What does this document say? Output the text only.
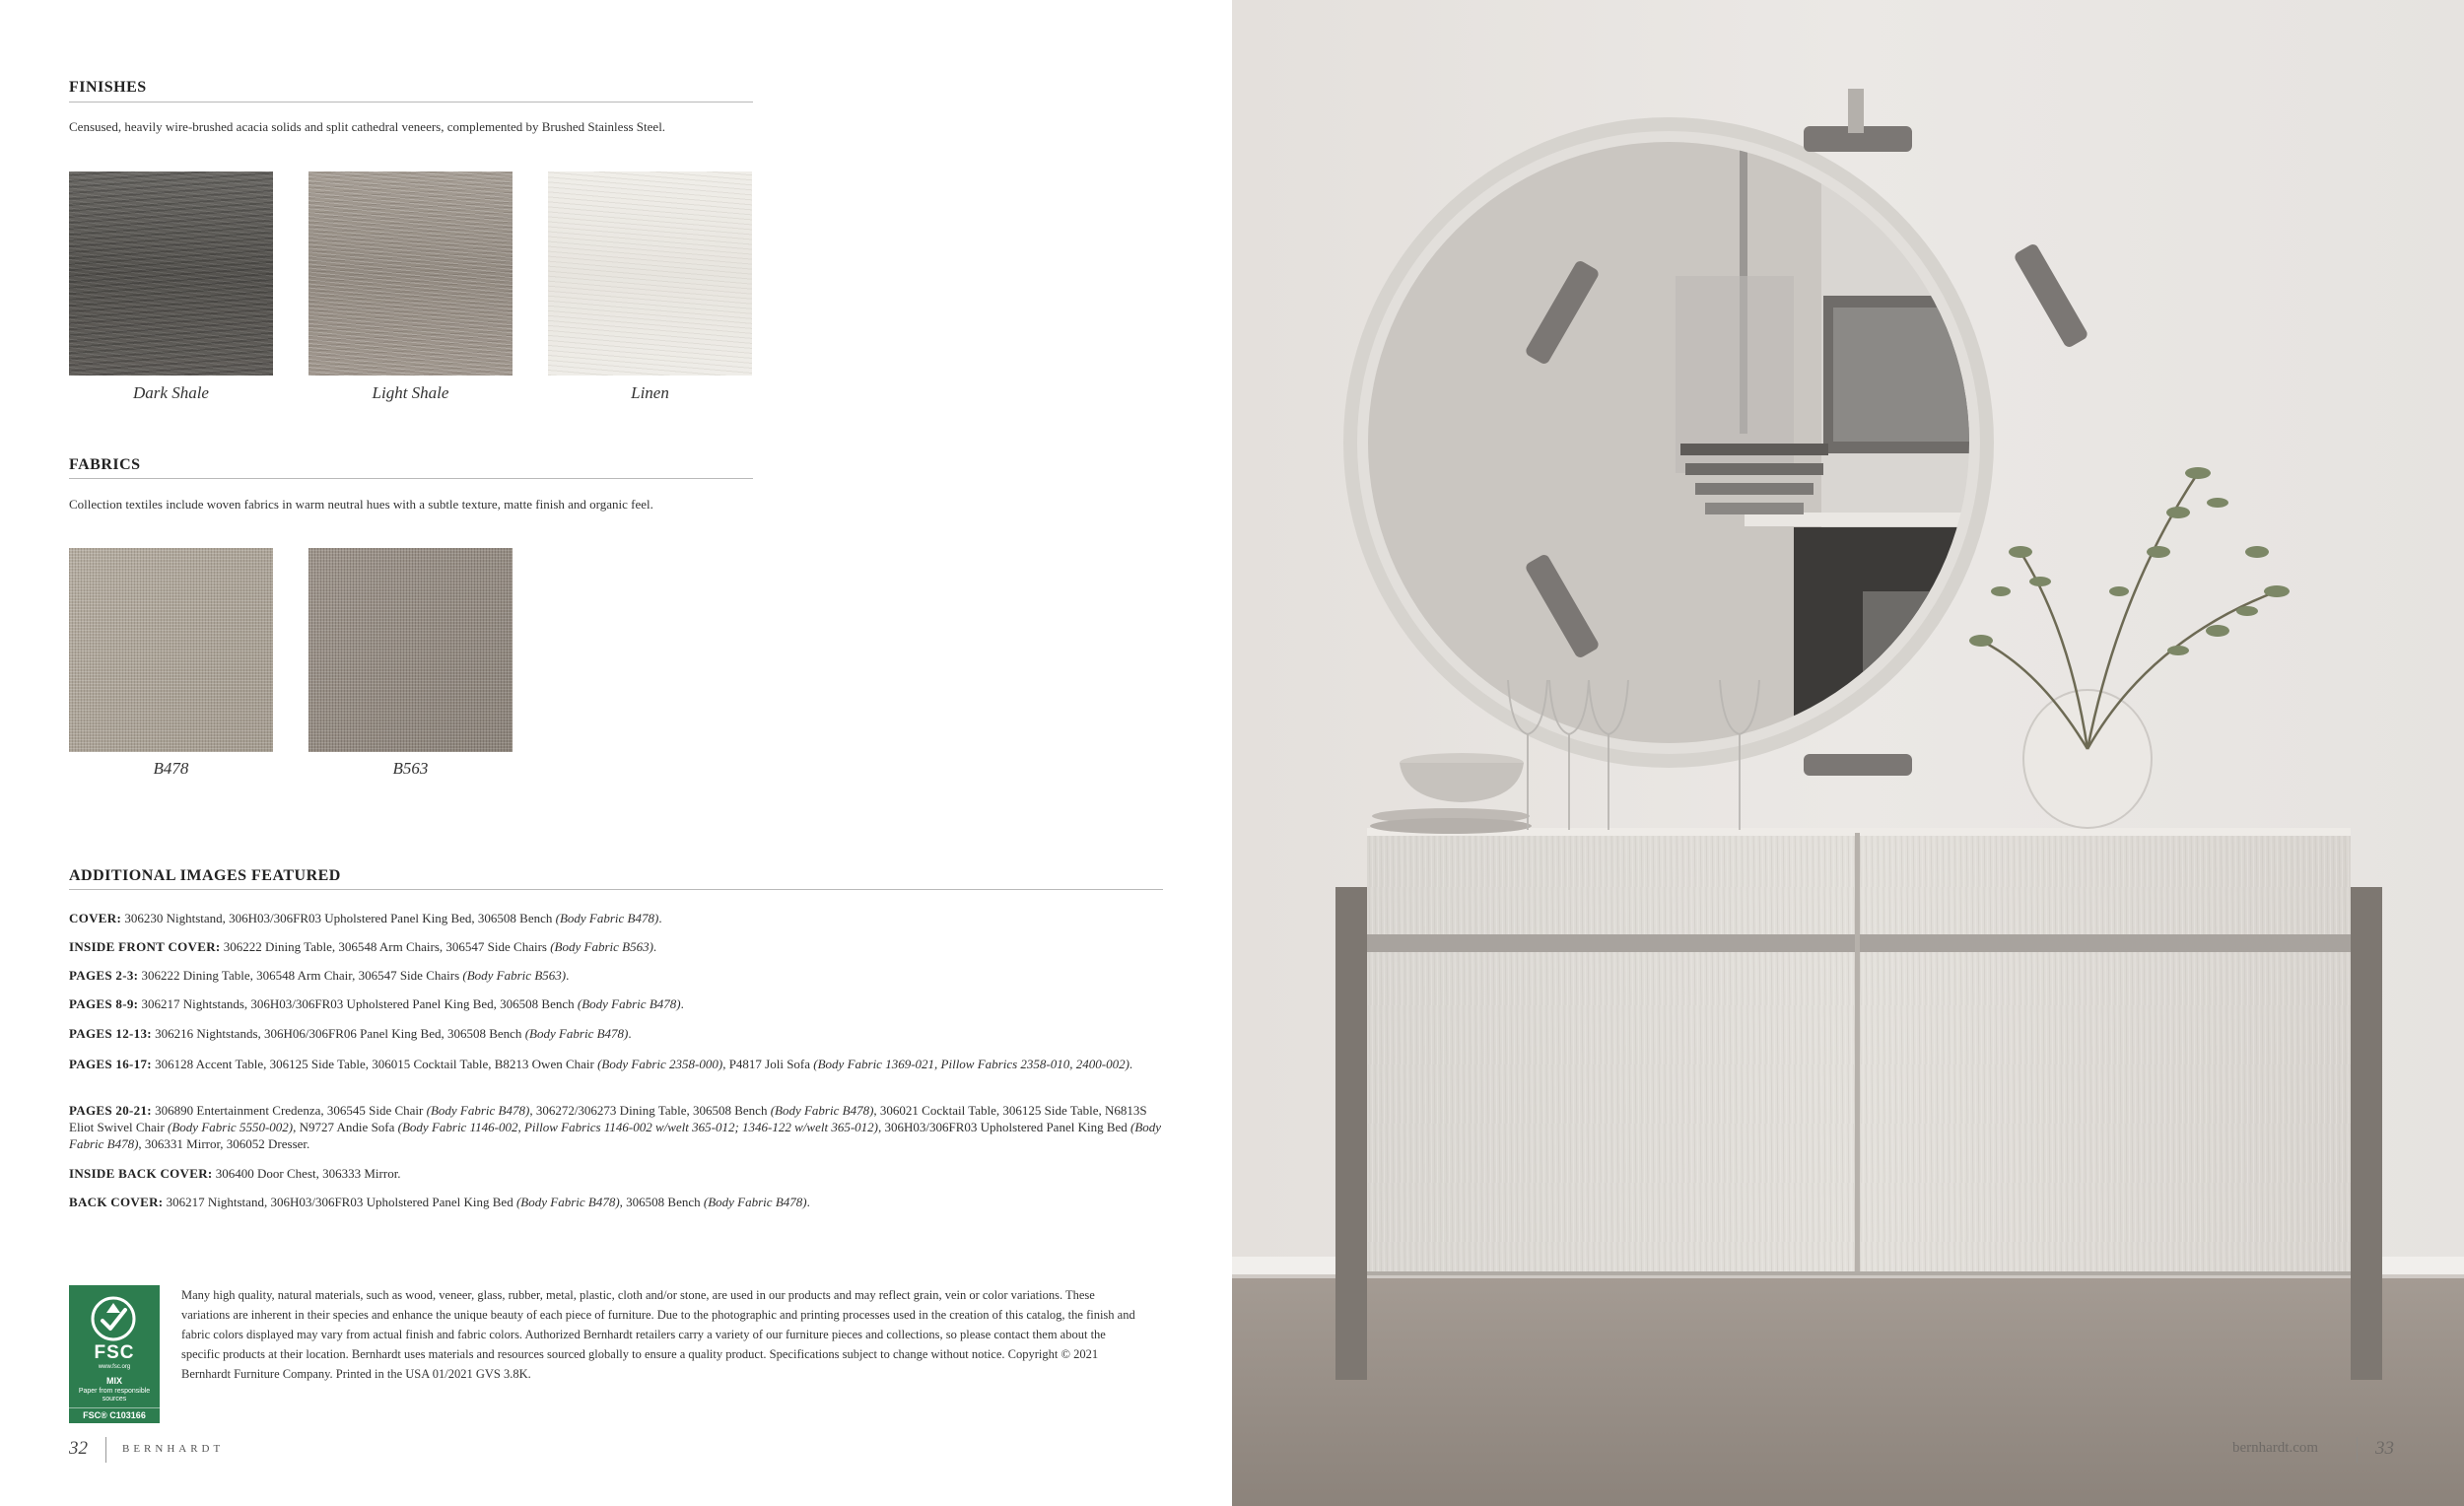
FINISHES
Censused, heavily wire-brushed acacia solids and split cathedral veneers, complemented by Brushed Stainless Steel.
Dark Shale	Light Shale	Linen
FABRICS
Collection textiles include woven fabrics in warm neutral hues with a subtle texture, matte finish and organic feel.
B478	B563
ADDITIONAL IMAGES FEATURED
COVER: 306230 Nightstand, 306H03/306FR03 Upholstered Panel King Bed, 306508 Bench (Body Fabric B478).
INSIDE FRONT COVER: 306222 Dining Table, 306548 Arm Chairs, 306547 Side Chairs (Body Fabric B563).
PAGES 2-3: 306222 Dining Table, 306548 Arm Chair, 306547 Side Chairs (Body Fabric B563).
PAGES 8-9: 306217 Nightstands, 306H03/306FR03 Upholstered Panel King Bed, 306508 Bench (Body Fabric B478).
PAGES 12-13: 306216 Nightstands, 306H06/306FR06 Panel King Bed, 306508 Bench (Body Fabric B478).
PAGES 16-17: 306128 Accent Table, 306125 Side Table, 306015 Cocktail Table, B8213 Owen Chair (Body Fabric 2358-000), P4817 Joli Sofa (Body Fabric 1369-021, Pillow Fabrics 2358-010, 2400-002).
PAGES 20-21: 306890 Entertainment Credenza, 306545 Side Chair (Body Fabric B478), 306272/306273 Dining Table, 306508 Bench (Body Fabric B478), 306021 Cocktail Table, 306125 Side Table, N6813S Eliot Swivel Chair (Body Fabric 5550-002), N9727 Andie Sofa (Body Fabric 1146-002, Pillow Fabrics 1146-002 w/welt 365-012; 1346-122 w/welt 365-012), 306H03/306FR03 Upholstered Panel King Bed (Body Fabric B478), 306331 Mirror, 306052 Dresser.
INSIDE BACK COVER: 306400 Door Chest, 306333 Mirror.
BACK COVER: 306217 Nightstand, 306H03/306FR03 Upholstered Panel King Bed (Body Fabric B478), 306508 Bench (Body Fabric B478).
FSC
www.fsc.org
MIX
Paper from responsible sources
FSC® C103166
Many high quality, natural materials, such as wood, veneer, glass, rubber, metal, plastic, cloth and/or stone, are used in our products and may reflect grain, vein or color variations. These variations are inherent in their species and enhance the unique beauty of each piece of furniture. Due to the photographic and printing processes used in the creation of this catalog, the finish and fabric colors displayed may vary from actual finish and fabric colors. Authorized Bernhardt retailers carry a variety of our furniture pieces and collections, so please contact them about the specific products at their location. Bernhardt uses materials and resources sourced globally to ensure a quality product. Specifications subject to change without notice. Copyright © 2021 Bernhardt Furniture Company. Printed in the USA 01/2021 GVS 3.8K.
32	BERNHARDT	bernhardt.com	33
